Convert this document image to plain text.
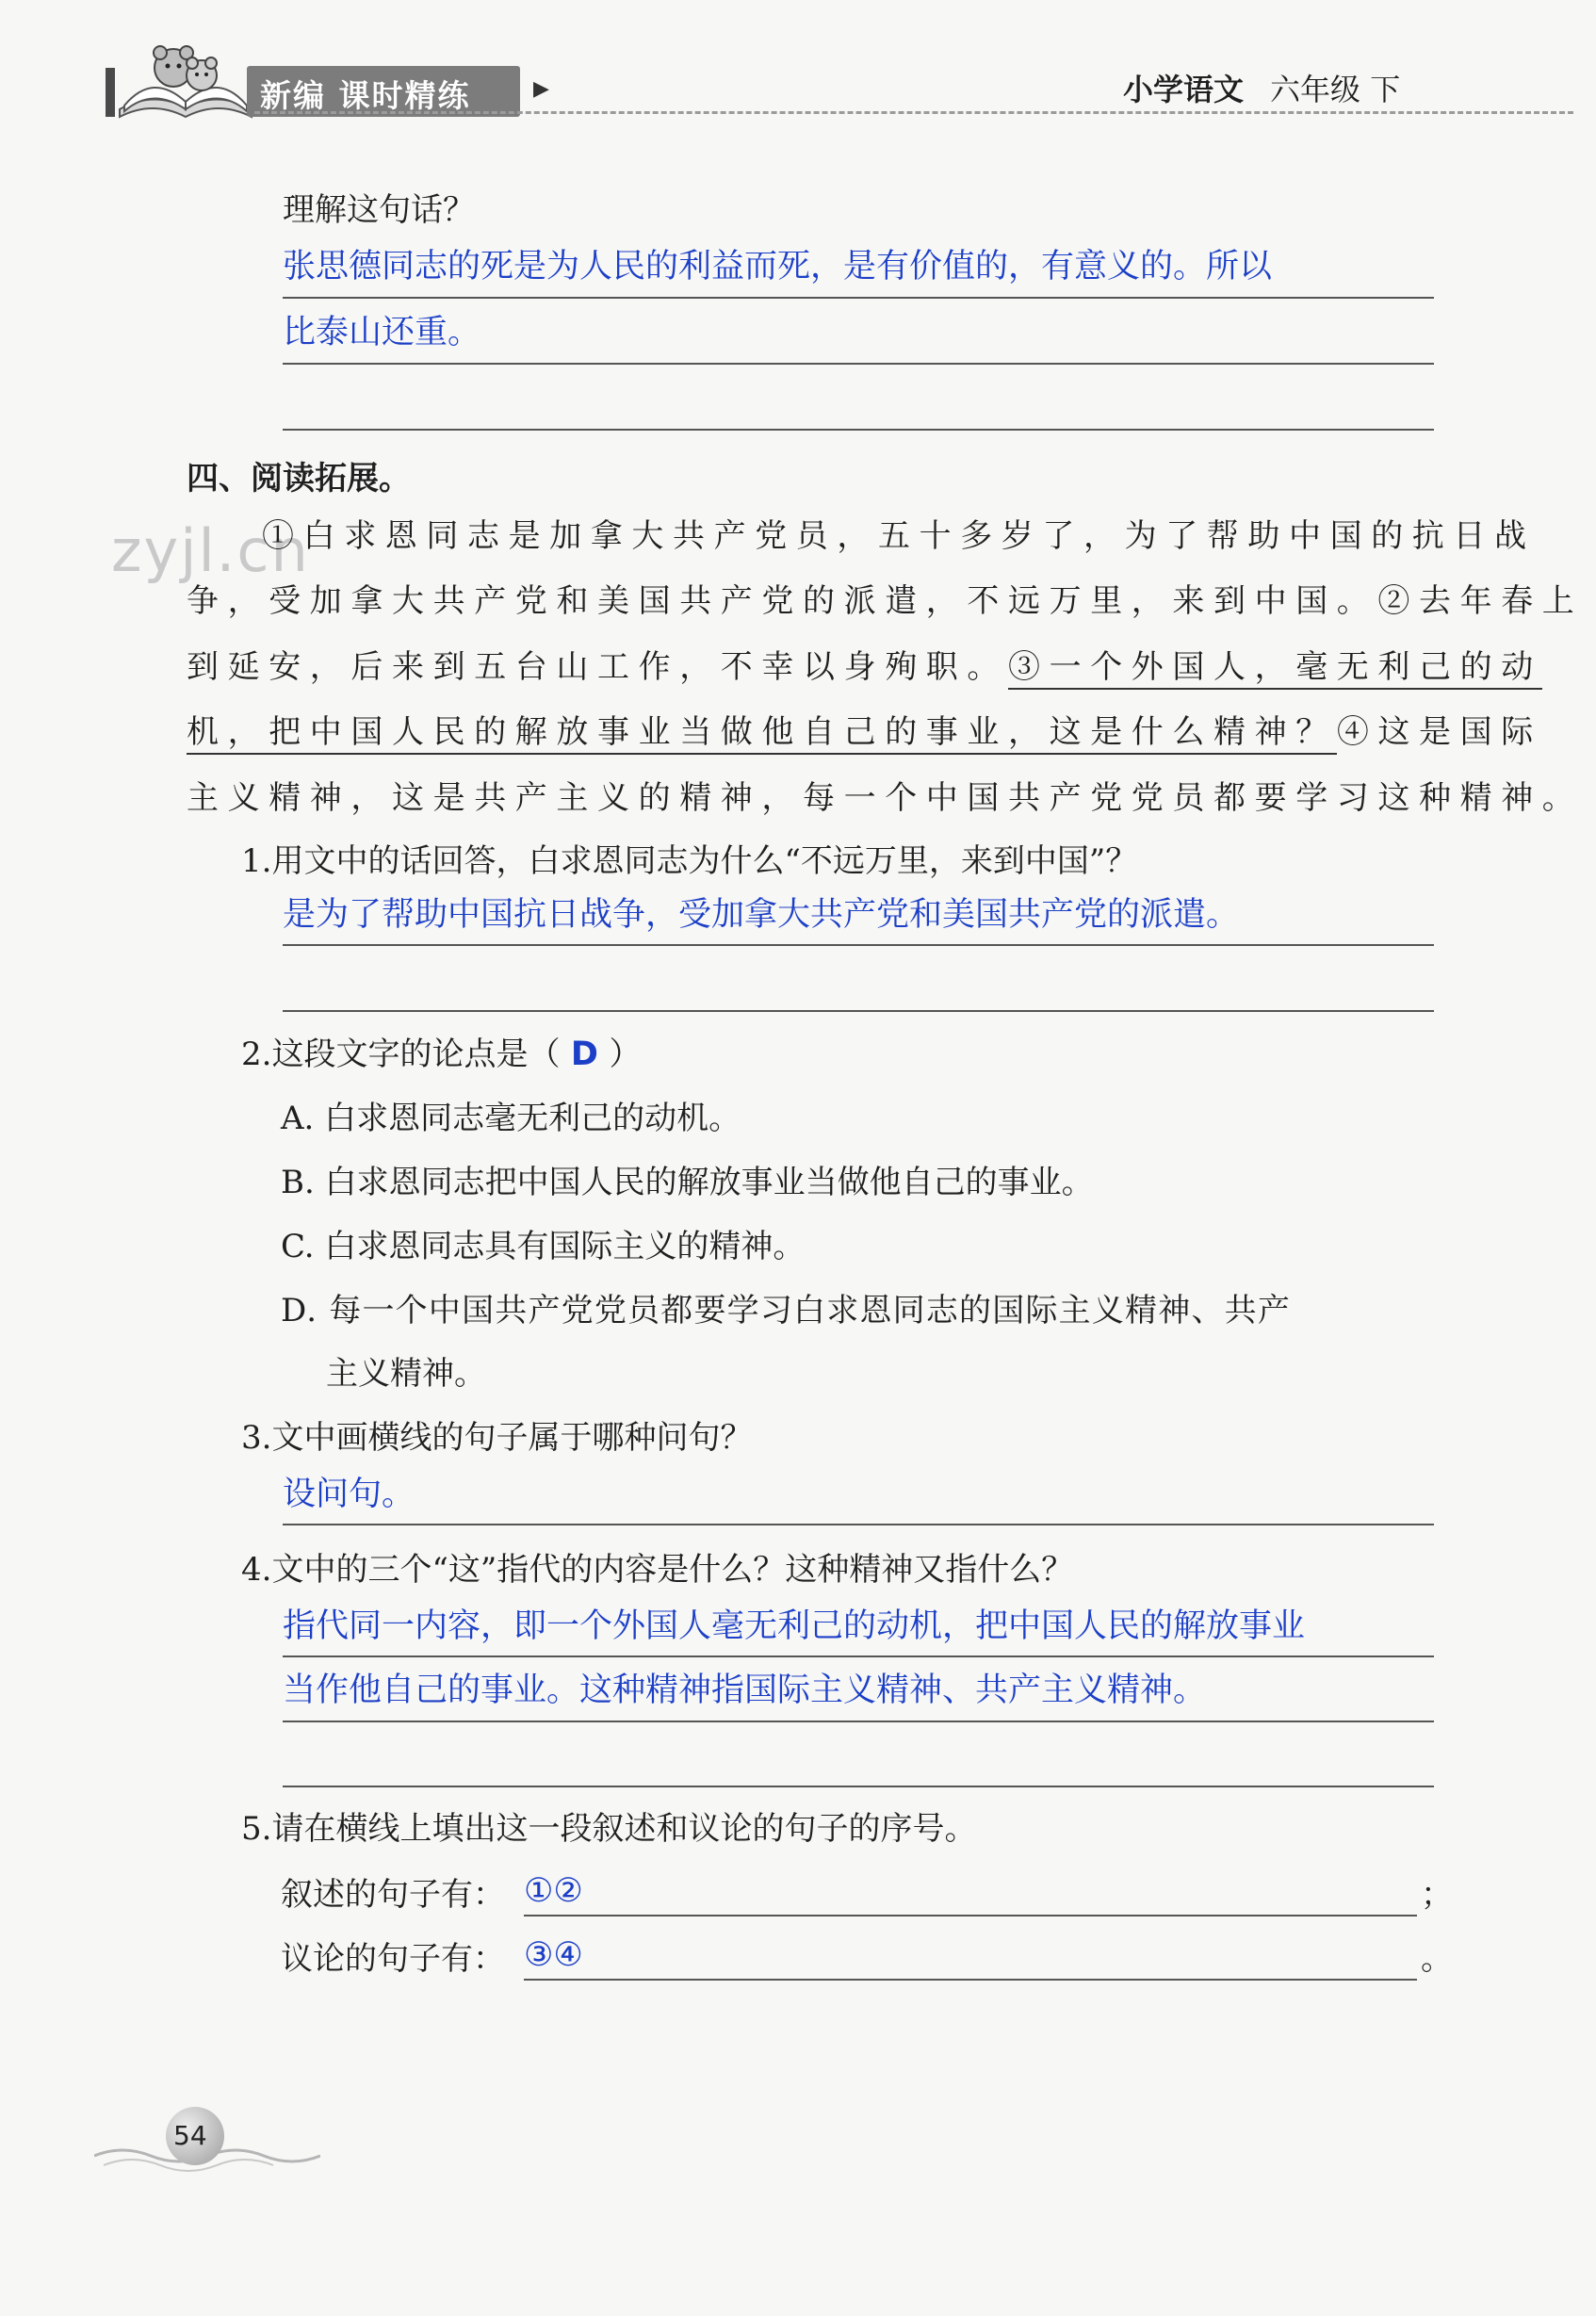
新编 课时精练	▶	小学语文 六年级 下
理解这句话？
张思德同志的死是为人民的利益而死，是有价值的，有意义的。所以
比泰山还重。
四、阅读拓展。
zyjl.cn
①白求恩同志是加拿大共产党员，五十多岁了，为了帮助中国的抗日战
争，受加拿大共产党和美国共产党的派遣，不远万里，来到中国。②去年春上
到延安，后来到五台山工作，不幸以身殉职。③一个外国人，毫无利己的动
机，把中国人民的解放事业当做他自己的事业，这是什么精神？④这是国际
主义精神，这是共产主义的精神，每一个中国共产党党员都要学习这种精神。
1.用文中的话回答，白求恩同志为什么“不远万里，来到中国”？
是为了帮助中国抗日战争，受加拿大共产党和美国共产党的派遣。
2.这段文字的论点是（ D ）
A. 白求恩同志毫无利己的动机。
B. 白求恩同志把中国人民的解放事业当做他自己的事业。
C. 白求恩同志具有国际主义的精神。
D. 每一个中国共产党党员都要学习白求恩同志的国际主义精神、共产
主义精神。
3.文中画横线的句子属于哪种问句？
设问句。
4.文中的三个“这”指代的内容是什么？这种精神又指什么？
指代同一内容，即一个外国人毫无利己的动机，把中国人民的解放事业
当作他自己的事业。这种精神指国际主义精神、共产主义精神。
5.请在横线上填出这一段叙述和议论的句子的序号。
叙述的句子有： ①②	；
议论的句子有： ③④	。
54
